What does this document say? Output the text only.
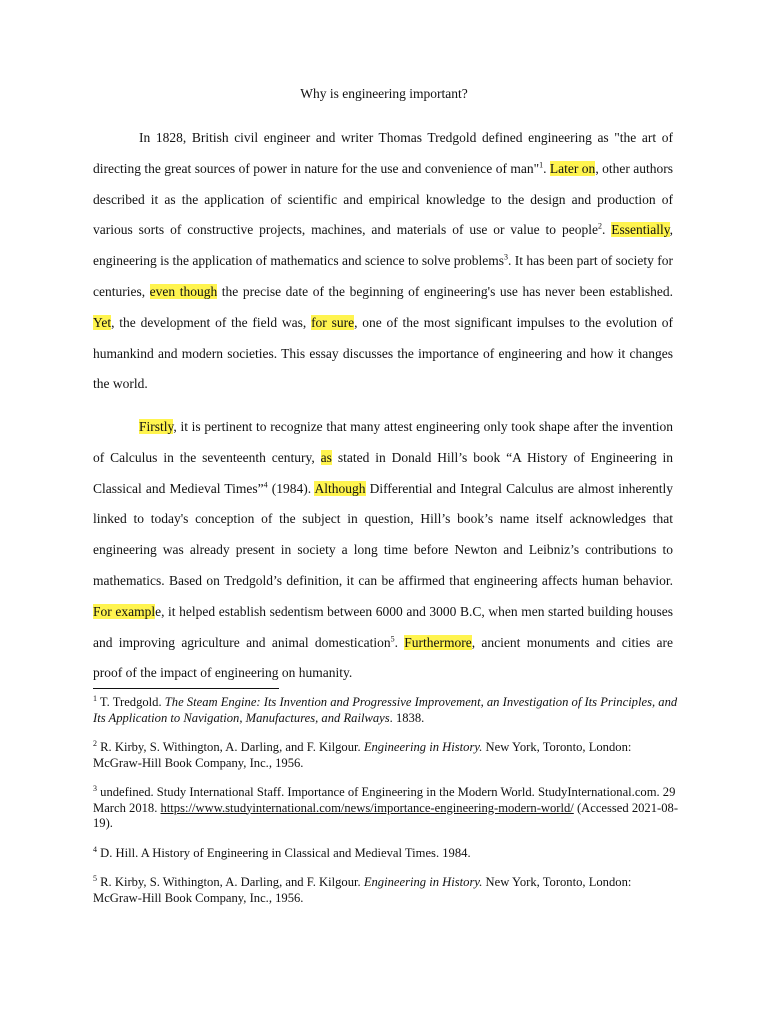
Why is engineering important?

In 1828, British civil engineer and writer Thomas Tredgold defined engineering as "the art of directing the great sources of power in nature for the use and convenience of man"$^1$. Later on, other authors described it as the application of scientific and empirical knowledge to the design and production of various sorts of constructive projects, machines, and materials of use or value to people$^2$. Essentially, engineering is the application of mathematics and science to solve problems$^3$. It has been part of society for centuries, even though the precise date of the beginning of engineering's use has never been established. Yet, the development of the field was, for sure, one of the most significant impulses to the evolution of humankind and modern societies. This essay discusses the importance of engineering and how it changes the world.

Firstly, it is pertinent to recognize that many attest engineering only took shape after the invention of Calculus in the seventeenth century, as stated in Donald Hill’s book “A History of Engineering in Classical and Medieval Times”$^4$ (1984). Although Differential and Integral Calculus are almost inherently linked to today's conception of the subject in question, Hill’s book’s name itself acknowledges that engineering was already present in society a long time before Newton and Leibniz’s contributions to mathematics. Based on Tredgold’s definition, it can be affirmed that engineering affects human behavior. For example, it helped establish sedentism between 6000 and 3000 B.C, when men started building houses and improving agriculture and animal domestication$^5$. Furthermore, ancient monuments and cities are proof of the impact of engineering on humanity.

$^1$ T. Tredgold. The Steam Engine: Its Invention and Progressive Improvement, an Investigation of Its Principles, and Its Application to Navigation, Manufactures, and Railways. 1838.

$^2$ R. Kirby, S. Withington, A. Darling, and F. Kilgour. Engineering in History. New York, Toronto, London: McGraw-Hill Book Company, Inc., 1956.

$^3$ undefined. Study International Staff. Importance of Engineering in the Modern World. StudyInternational.com. 29 March 2018. https://www.studyinternational.com/news/importance-engineering-modern-world/ (Accessed 2021-08-19).

$^4$ D. Hill. A History of Engineering in Classical and Medieval Times. 1984.

$^5$ R. Kirby, S. Withington, A. Darling, and F. Kilgour. Engineering in History. New York, Toronto, London: McGraw-Hill Book Company, Inc., 1956.
